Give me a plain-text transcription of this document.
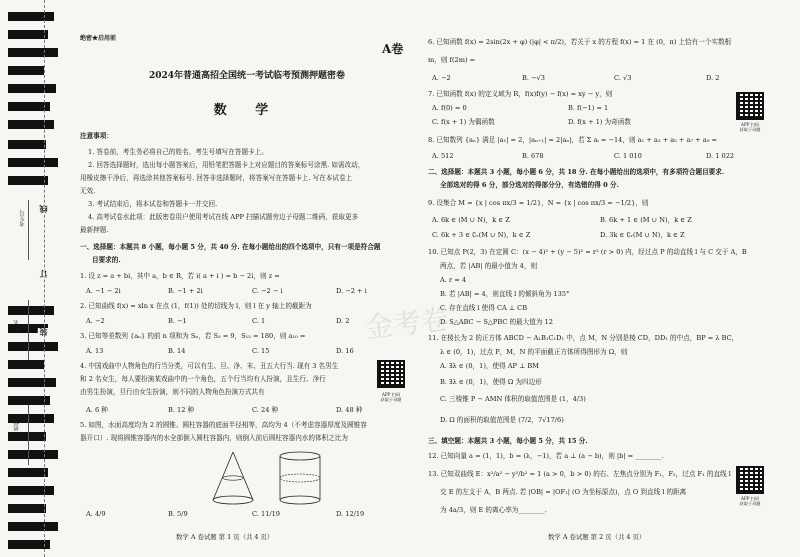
考生号
姓名
班级
线
订
装
绝密★启用前
A卷
2024年普通高招全国统一考试临考预测押题密卷
数 学
注意事项：
1. 答卷前，考生务必将自己的姓名、考生号填写在答题卡上。
2. 回答选择题时，选出每小题答案后，用铅笔把答题卡上对应题目的答案标号涂黑. 如需改动，
用橡皮擦干净后，再选涂其他答案标号. 回答非选择题时，将答案写在答题卡上. 写在本试卷上
无效.
3. 考试结束后，将本试卷和答题卡一并交回.
4. 高考试卷水此项：此版密卷用户使用考试在线 APP 扫描试题旁边子母题二维码，获取更多
最新押题.
一、选择题：本题共 8 小题，每小题 5 分，共 40 分. 在每小题给出的四个选项中，只有一项是符合题
目要求的.
1. 设 z = a + bi，其中 a，b ∈ R，若 i( a + i ) = b − 2i，则 z =
A. −1 − 2i	B. −1 + 2i	C. −2 − i	D. −2 + i
2. 已知曲线 f(x) = xln x 在点 (1，f(1)) 处的切线为 l，则 l 在 y 轴上的截距为
A. −2	B. −1	C. 1	D. 2
3. 已知等差数列 {aₙ} 的前 n 项和为 Sₙ，若 S₃ = 9，S₁₅ = 180，则 a₁₀ =
A. 13	B. 14	C. 15	D. 16
4. 中国戏曲中人物角色的行当分类，可以有生、旦、净、末、丑五大行当. 现有 3 名男生
和 2 名女生，每人要扮演某戏曲中的一个角色，五个行当均有人扮演，且生行、净行
由男生扮演，旦行由女生扮演，则不同的人物角色扮演方式共有	APP 扫码
获取子母题
A. 6 种	B. 12 种	C. 24 种	D. 48 种
5. 如图，水面高度均为 2 的圆锥、圆柱容器的底面半径相等，高均为 4（不考虑容器厚度及圆锥容
器开口）. 现将圆锥容器内的水全部倒入圆柱容器内，则倒入前后圆柱容器内水的体积之比为
A. 4/9	B. 5/9	C. 11/19	D. 12/19
数学 A 卷试题 第 1 页（共 4 页）
6. 已知函数 f(x) = 2sin(2x + φ) (|φ| < π/2)，若关于 x 的方程 f(x) = 1 在 (0，π) 上恰有一个实数根
m，则 f(2m) =
A. −2	B. −√3	C. √3	D. 2
7. 已知函数 f(x) 的定义域为 R，f(x)f(y) − f(x) = xy − y，则
A. f(0) = 0	B. f(−1) = 1
C. f(x + 1) 为偶函数	D. f(x + 1) 为奇函数	APP 扫码
获取子母题
8. 已知数列 {aₙ} 满足 |a₁| = 2，|aₙ₊₁| = 2|aₙ|，若 Σ aᵢ = −14，则 a₁ + a₃ + a₅ + a₇ + a₉ =
A. 512	B. 678	C. 1 010	D. 1 022
二、选择题：本题共 3 小题，每小题 6 分，共 18 分. 在每小题给出的选项中，有多项符合题目要求.
全部选对的得 6 分，部分选对的得部分分，有选错的得 0 分.
9. 设集合 M = {x | cos πx/3 = 1/2}，N = {x | cos πx/3 = −1/2}，则
A. 6k ∈ (M ∪ N)，k ∈ Z	B. 6k + 1 ∈ (M ∪ N)，k ∈ Z
C. 6k + 3 ∈ ∁ᵣ(M ∪ N)，k ∈ Z	D. 3k ∈ ∁ᵣ(M ∪ N)，k ∈ Z
10. 已知点 P(2，3) 在定圆 C：(x − 4)² + (y − 5)² = r² (r > 0) 内，经过点 P 的动直线 l 与 C 交于 A，B
两点，若 |AB| 的最小值为 4，则
A. r = 4
B. 若 |AB| = 4，则直线 l 的倾斜角为 135°
C. 存在直线 l 使得 CA ⊥ CB
D. S△ABC − S△PBC 的最大值为 12
11. 在棱长为 2 的正方体 ABCD − A₁B₁C₁D₁ 中，点 M，N 分别是棱 CD，DD₁ 的中点，BP = λ BC，
λ ∈ (0，1)，过点 P，M，N 的平面截正方体所得图形为 Ω，则
A. ∃λ ∈ (0，1)，使得 AP ⊥ BM
B. ∃λ ∈ (0，1)，使得 Ω 为四边形
C. 三棱锥 P − AMN 体积的取值范围是 (1，4/3)
D. Ω 的面积的取值范围是 (7/2，7√17/6)
三、填空题：本题共 3 小题，每小题 5 分，共 15 分.
12. 已知向量 a = (1，1)，b = (λ，−1)，若 a ⊥ (a − b)，则 |b| = ________.
13. 已知双曲线 E：x²/a² − y²/b² = 1 (a > 0，b > 0) 的右、左焦点分别为 F₁，F₂，过点 F₁ 的直线 l
交 E 的左支于 A，B 两点. 若 |OB| = |OF₁| (O 为坐标原点)，点 O 到直线 l 的距离
为 4a/3，则 E 的离心率为________.
APP 扫码
获取子母题
数学 A 卷试题 第 2 页（共 4 页）
金考卷
